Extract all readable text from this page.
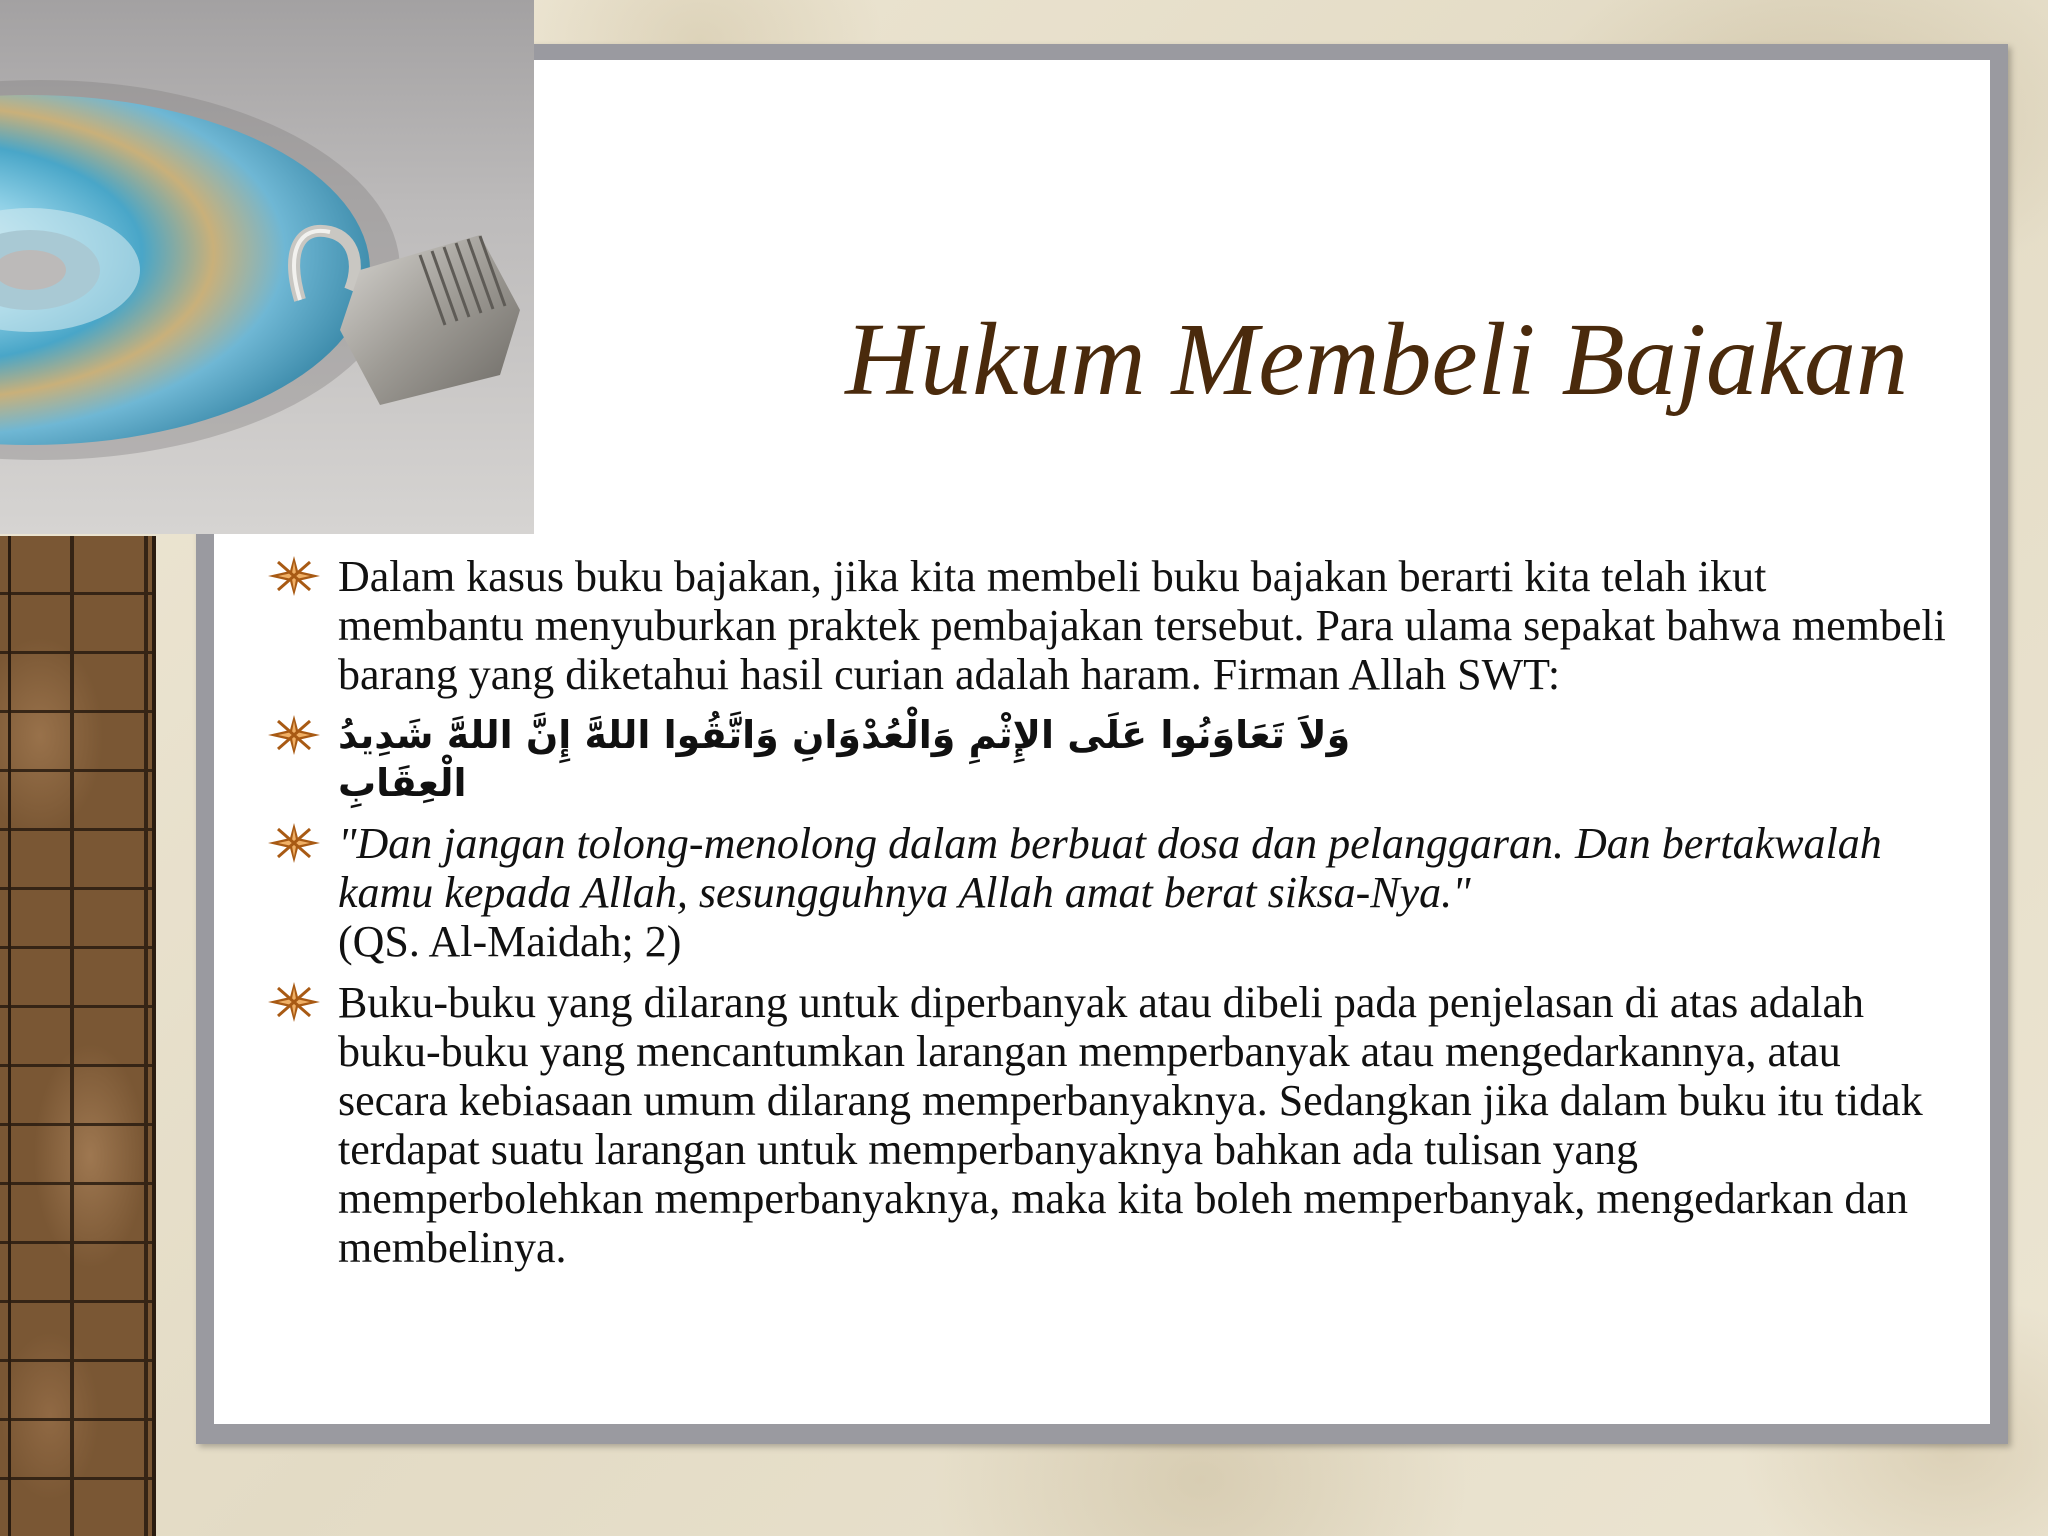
Hukum Membeli Bajakan
Dalam kasus buku bajakan, jika kita membeli buku bajakan berarti kita telah ikut membantu menyuburkan praktek pembajakan tersebut. Para ulama sepakat bahwa membeli barang yang diketahui hasil curian adalah haram. Firman Allah SWT:
وَلاَ تَعَاوَنُوا عَلَى الإِثْمِ وَالْعُدْوَانِ وَاتَّقُوا اللهَّ إِنَّ اللهَّ شَدِيدُ الْعِقَابِ
"Dan jangan tolong-menolong dalam berbuat dosa dan pelanggaran. Dan bertakwalah kamu kepada Allah, sesungguhnya Allah amat berat siksa-Nya."
(QS. Al-Maidah; 2)
Buku-buku yang dilarang untuk diperbanyak atau dibeli pada penjelasan di atas adalah buku-buku yang mencantumkan larangan memperbanyak atau mengedarkannya, atau secara kebiasaan umum dilarang memperbanyaknya. Sedangkan jika dalam buku itu tidak terdapat suatu larangan untuk memperbanyaknya bahkan ada tulisan yang memperbolehkan memperbanyaknya, maka kita boleh memperbanyak, mengedarkan dan membelinya.
